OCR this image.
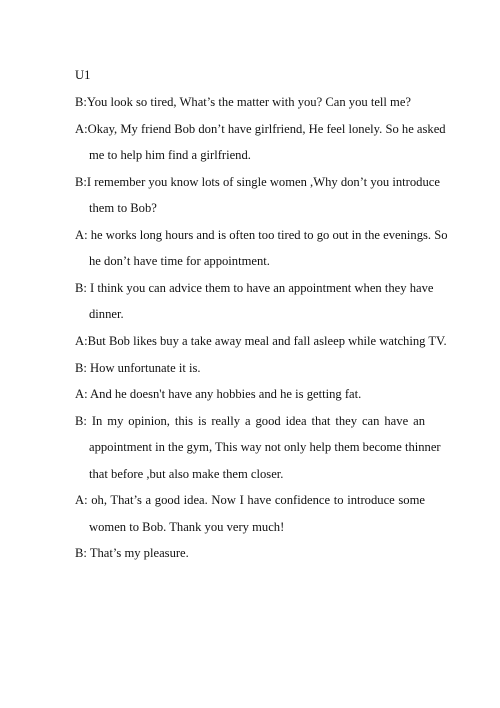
U1
B:You look so tired, What’s the matter with you? Can you tell me?
A:Okay, My friend Bob don’t have girlfriend, He feel lonely. So he asked
me to help him find a girlfriend.
B:I remember you know lots of single women ,Why don’t you introduce
them to Bob?
A: he works long hours and is often too tired to go out in the evenings. So
he don’t have time for appointment.
B: I think you can advice them to have an appointment when they have
dinner.
A:But Bob likes buy a take away meal and fall asleep while watching TV.
B: How unfortunate it is.
A: And he doesn't have any hobbies and he is getting fat.
B: In my opinion, this is really a good idea that they can have an
appointment in the gym, This way not only help them become thinner
that before ,but also make them closer.
A: oh, That’s a good idea. Now I have confidence to introduce some
women to Bob. Thank you very much!
B: That’s my pleasure.
